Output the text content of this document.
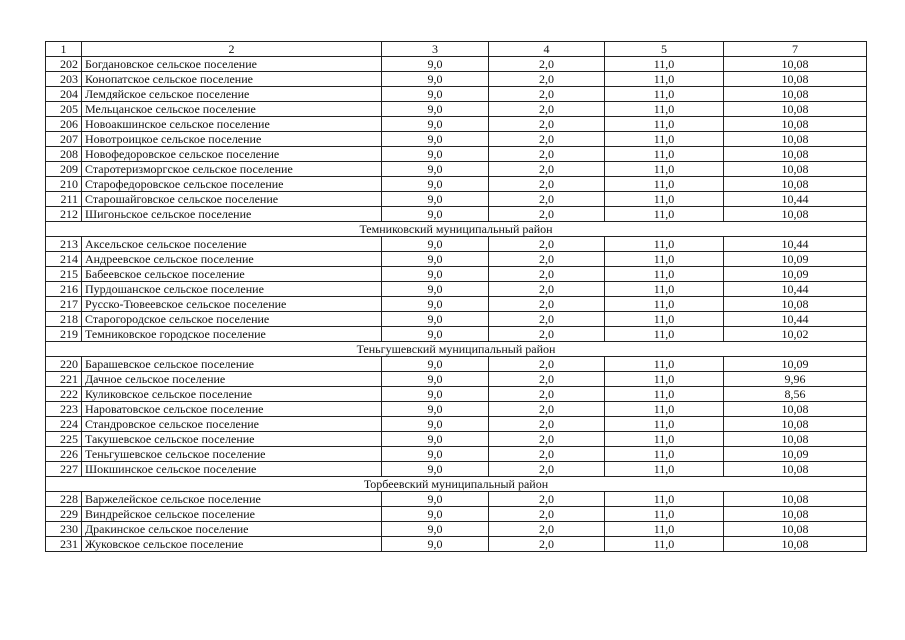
1	2	3	4	5	7
202	Богдановское сельское поселение	9,0	2,0	11,0	10,08
203	Конопатское сельское поселение	9,0	2,0	11,0	10,08
204	Лемдяйское сельское поселение	9,0	2,0	11,0	10,08
205	Мельцанское сельское поселение	9,0	2,0	11,0	10,08
206	Новоакшинское сельское поселение	9,0	2,0	11,0	10,08
207	Новотроицкое сельское поселение	9,0	2,0	11,0	10,08
208	Новофедоровское сельское поселение	9,0	2,0	11,0	10,08
209	Старотеризморгское сельское поселение	9,0	2,0	11,0	10,08
210	Старофедоровское сельское поселение	9,0	2,0	11,0	10,08
211	Старошайговское сельское поселение	9,0	2,0	11,0	10,44
212	Шигоньское сельское поселение	9,0	2,0	11,0	10,08
Темниковский муниципальный район					
213	Аксельское сельское поселение	9,0	2,0	11,0	10,44
214	Андреевское сельское поселение	9,0	2,0	11,0	10,09
215	Бабеевское сельское поселение	9,0	2,0	11,0	10,09
216	Пурдошанское сельское поселение	9,0	2,0	11,0	10,44
217	Русско-Тювеевское сельское поселение	9,0	2,0	11,0	10,08
218	Старогородское сельское поселение	9,0	2,0	11,0	10,44
219	Темниковское городское поселение	9,0	2,0	11,0	10,02
Теньгушевский муниципальный район					
220	Барашевское сельское поселение	9,0	2,0	11,0	10,09
221	Дачное сельское поселение	9,0	2,0	11,0	9,96
222	Куликовское сельское поселение	9,0	2,0	11,0	8,56
223	Нароватовское сельское поселение	9,0	2,0	11,0	10,08
224	Стандровское сельское поселение	9,0	2,0	11,0	10,08
225	Такушевское сельское поселение	9,0	2,0	11,0	10,08
226	Теньгушевское сельское поселение	9,0	2,0	11,0	10,09
227	Шокшинское сельское поселение	9,0	2,0	11,0	10,08
Торбеевский муниципальный район					
228	Варжелейское сельское поселение	9,0	2,0	11,0	10,08
229	Виндрейское сельское поселение	9,0	2,0	11,0	10,08
230	Дракинское сельское поселение	9,0	2,0	11,0	10,08
231	Жуковское сельское поселение	9,0	2,0	11,0	10,08
